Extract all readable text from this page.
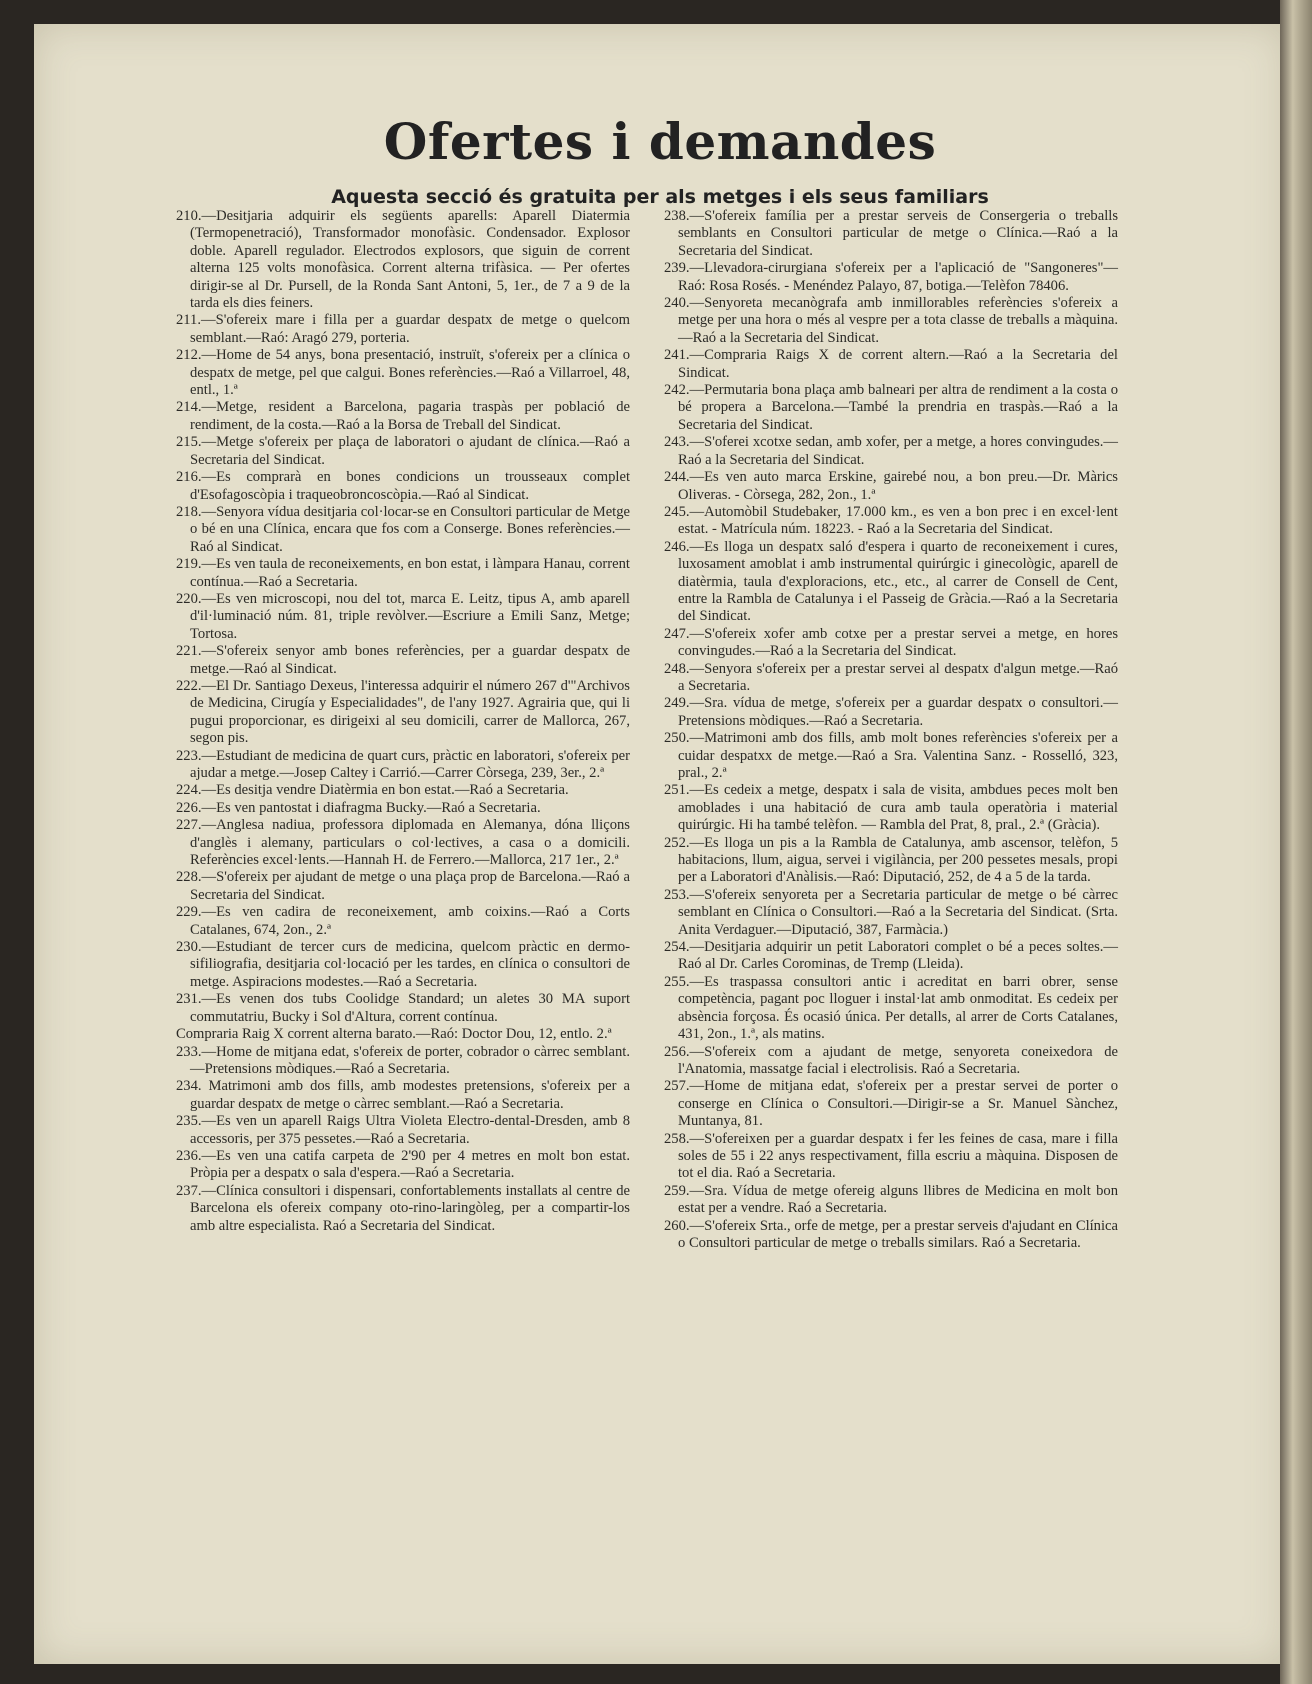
Ofertes i demandes

Aquesta secció és gratuita per als metges i els seus familiars

210.—Desitjaria adquirir els següents aparells: Aparell Diatermia (Termopenetració), Transformador monofàsic. Condensador. Explosor doble. Aparell regulador. Electrodos explosors, que siguin de corrent alterna 125 volts monofàsica. Corrent alterna trifàsica. — Per ofertes dirigir-se al Dr. Pursell, de la Ronda Sant Antoni, 5, 1er., de 7 a 9 de la tarda els dies feiners.

211.—S'ofereix mare i filla per a guardar despatx de metge o quelcom semblant.—Raó: Aragó 279, porteria.

212.—Home de 54 anys, bona presentació, instruït, s'ofereix per a clínica o despatx de metge, pel que calgui. Bones referències.—Raó a Villarroel, 48, entl., 1.ª

214.—Metge, resident a Barcelona, pagaria traspàs per població de rendiment, de la costa.—Raó a la Borsa de Treball del Sindicat.

215.—Metge s'ofereix per plaça de laboratori o ajudant de clínica.—Raó a Secretaria del Sindicat.

216.—Es comprarà en bones condicions un trousseaux complet d'Esofagoscòpia i traqueobroncoscòpia.—Raó al Sindicat.

218.—Senyora vídua desitjaria col·locar-se en Consultori particular de Metge o bé en una Clínica, encara que fos com a Conserge. Bones referències.—Raó al Sindicat.

219.—Es ven taula de reconeixements, en bon estat, i làmpara Hanau, corrent contínua.—Raó a Secretaria.

220.—Es ven microscopi, nou del tot, marca E. Leitz, tipus A, amb aparell d'il·luminació núm. 81, triple revòlver.—Escriure a Emili Sanz, Metge; Tortosa.

221.—S'ofereix senyor amb bones referències, per a guardar despatx de metge.—Raó al Sindicat.

222.—El Dr. Santiago Dexeus, l'interessa adquirir el número 267 d'"Archivos de Medicina, Cirugía y Especialidades", de l'any 1927. Agrairia que, qui li pugui proporcionar, es dirigeixi al seu domicili, carrer de Mallorca, 267, segon pis.

223.—Estudiant de medicina de quart curs, pràctic en laboratori, s'ofereix per ajudar a metge.—Josep Caltey i Carrió.—Carrer Còrsega, 239, 3er., 2.ª

224.—Es desitja vendre Diatèrmia en bon estat.—Raó a Secretaria.

226.—Es ven pantostat i diafragma Bucky.—Raó a Secretaria.

227.—Anglesa nadiua, professora diplomada en Alemanya, dóna lliçons d'anglès i alemany, particulars o col·lectives, a casa o a domicili. Referències excel·lents.—Hannah H. de Ferrero.—Mallorca, 217 1er., 2.ª

228.—S'ofereix per ajudant de metge o una plaça prop de Barcelona.—Raó a Secretaria del Sindicat.

229.—Es ven cadira de reconeixement, amb coixins.—Raó a Corts Catalanes, 674, 2on., 2.ª

230.—Estudiant de tercer curs de medicina, quelcom pràctic en dermo-sifiliografia, desitjaria col·locació per les tardes, en clínica o consultori de metge. Aspiracions modestes.—Raó a Secretaria.

231.—Es venen dos tubs Coolidge Standard; un aletes 30 MA suport commutatriu, Bucky i Sol d'Altura, corrent contínua.

Compraria Raig X corrent alterna barato.—Raó: Doctor Dou, 12, entlo. 2.ª

233.—Home de mitjana edat, s'ofereix de porter, cobrador o càrrec semblant.—Pretensions mòdiques.—Raó a Secretaria.

234. Matrimoni amb dos fills, amb modestes pretensions, s'ofereix per a guardar despatx de metge o càrrec semblant.—Raó a Secretaria.

235.—Es ven un aparell Raigs Ultra Violeta Electro-dental-Dresden, amb 8 accessoris, per 375 pessetes.—Raó a Secretaria.

236.—Es ven una catifa carpeta de 2'90 per 4 metres en molt bon estat. Pròpia per a despatx o sala d'espera.—Raó a Secretaria.

237.—Clínica consultori i dispensari, confortablements installats al centre de Barcelona els ofereix company oto-rino-laringòleg, per a compartir-los amb altre especialista. Raó a Secretaria del Sindicat.

238.—S'ofereix família per a prestar serveis de Consergeria o treballs semblants en Consultori particular de metge o Clínica.—Raó a la Secretaria del Sindicat.

239.—Llevadora-cirurgiana s'ofereix per a l'aplicació de "Sangoneres"— Raó: Rosa Rosés. - Menéndez Palayo, 87, botiga.—Telèfon 78406.

240.—Senyoreta mecanògrafa amb inmillorables referències s'ofereix a metge per una hora o més al vespre per a tota classe de treballs a màquina.—Raó a la Secretaria del Sindicat.

241.—Compraria Raigs X de corrent altern.—Raó a la Secretaria del Sindicat.

242.—Permutaria bona plaça amb balneari per altra de rendiment a la costa o bé propera a Barcelona.—També la prendria en traspàs.—Raó a la Secretaria del Sindicat.

243.—S'oferei xcotxe sedan, amb xofer, per a metge, a hores convingudes.—Raó a la Secretaria del Sindicat.

244.—Es ven auto marca Erskine, gairebé nou, a bon preu.—Dr. Màrics Oliveras. - Còrsega, 282, 2on., 1.ª

245.—Automòbil Studebaker, 17.000 km., es ven a bon prec i en excel·lent estat. - Matrícula núm. 18223. - Raó a la Secretaria del Sindicat.

246.—Es lloga un despatx saló d'espera i quarto de reconeixement i cures, luxosament amoblat i amb instrumental quirúrgic i ginecològic, aparell de diatèrmia, taula d'exploracions, etc., etc., al carrer de Consell de Cent, entre la Rambla de Catalunya i el Passeig de Gràcia.—Raó a la Secretaria del Sindicat.

247.—S'ofereix xofer amb cotxe per a prestar servei a metge, en hores convingudes.—Raó a la Secretaria del Sindicat.

248.—Senyora s'ofereix per a prestar servei al despatx d'algun metge.—Raó a Secretaria.

249.—Sra. vídua de metge, s'ofereix per a guardar despatx o consultori.—Pretensions mòdiques.—Raó a Secretaria.

250.—Matrimoni amb dos fills, amb molt bones referències s'ofereix per a cuidar despatxx de metge.—Raó a Sra. Valentina Sanz. - Rosselló, 323, pral., 2.ª

251.—Es cedeix a metge, despatx i sala de visita, ambdues peces molt ben amoblades i una habitació de cura amb taula operatòria i material quirúrgic. Hi ha també telèfon. — Rambla del Prat, 8, pral., 2.ª (Gràcia).

252.—Es lloga un pis a la Rambla de Catalunya, amb ascensor, telèfon, 5 habitacions, llum, aigua, servei i vigilància, per 200 pessetes mesals, propi per a Laboratori d'Anàlisis.—Raó: Diputació, 252, de 4 a 5 de la tarda.

253.—S'ofereix senyoreta per a Secretaria particular de metge o bé càrrec semblant en Clínica o Consultori.—Raó a la Secretaria del Sindicat. (Srta. Anita Verdaguer.—Diputació, 387, Farmàcia.)

254.—Desitjaria adquirir un petit Laboratori complet o bé a peces soltes.—Raó al Dr. Carles Corominas, de Tremp (Lleida).

255.—Es traspassa consultori antic i acreditat en barri obrer, sense competència, pagant poc lloguer i instal·lat amb onmoditat. Es cedeix per absència forçosa. És ocasió única. Per detalls, al arrer de Corts Catalanes, 431, 2on., 1.ª, als matins.

256.—S'ofereix com a ajudant de metge, senyoreta coneixedora de l'Anatomia, massatge facial i electrolisis. Raó a Secretaria.

257.—Home de mitjana edat, s'ofereix per a prestar servei de porter o conserge en Clínica o Consultori.—Dirigir-se a Sr. Manuel Sànchez, Muntanya, 81.

258.—S'ofereixen per a guardar despatx i fer les feines de casa, mare i filla soles de 55 i 22 anys respectivament, filla escriu a màquina. Disposen de tot el dia. Raó a Secretaria.

259.—Sra. Vídua de metge ofereig alguns llibres de Medicina en molt bon estat per a vendre. Raó a Secretaria.

260.—S'ofereix Srta., orfe de metge, per a prestar serveis d'ajudant en Clínica o Consultori particular de metge o treballs similars. Raó a Secretaria.
